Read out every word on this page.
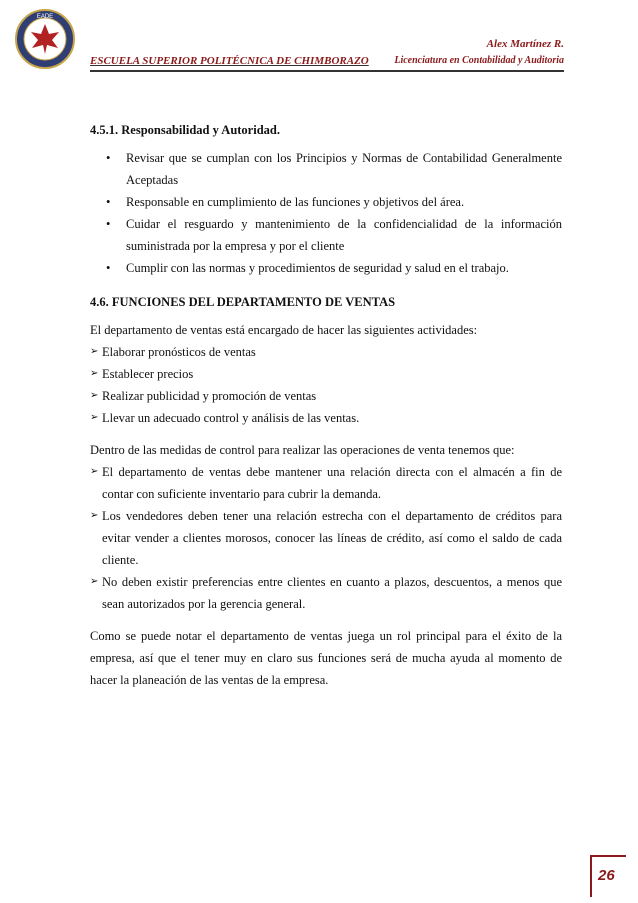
EADE
Alex Martínez R.
ESCUELA SUPERIOR POLITÉCNICA DE CHIMBORAZO	Licenciatura en Contabilidad y Auditoria
4.5.1. Responsabilidad y Autoridad.
• Revisar que se cumplan con los Principios y Normas de Contabilidad Generalmente Aceptadas
• Responsable en cumplimiento de las funciones y objetivos del área.
• Cuidar el resguardo y mantenimiento de la confidencialidad de la información suministrada por la empresa y por el cliente
• Cumplir con las normas y procedimientos de seguridad y salud en el trabajo.
4.6. FUNCIONES DEL DEPARTAMENTO DE VENTAS

El departamento de ventas está encargado de hacer las siguientes actividades:

➢ Elaborar pronósticos de ventas
➢ Establecer precios
➢ Realizar publicidad y promoción de ventas
➢ Llevar un adecuado control y análisis de las ventas.

Dentro de las medidas de control para realizar las operaciones de venta tenemos que:

➢ El departamento de ventas debe mantener una relación directa con el almacén a fin de contar con suficiente inventario para cubrir la demanda.
➢ Los vendedores deben tener una relación estrecha con el departamento de créditos para evitar vender a clientes morosos, conocer las líneas de crédito, así como el saldo de cada cliente.
➢ No deben existir preferencias entre clientes en cuanto a plazos, descuentos, a menos que sean autorizados por la gerencia general.

Como se puede notar el departamento de ventas juega un rol principal para el éxito de la empresa, así que el tener muy en claro sus funciones será de mucha ayuda al momento de hacer la planeación de las ventas de la empresa.

26
